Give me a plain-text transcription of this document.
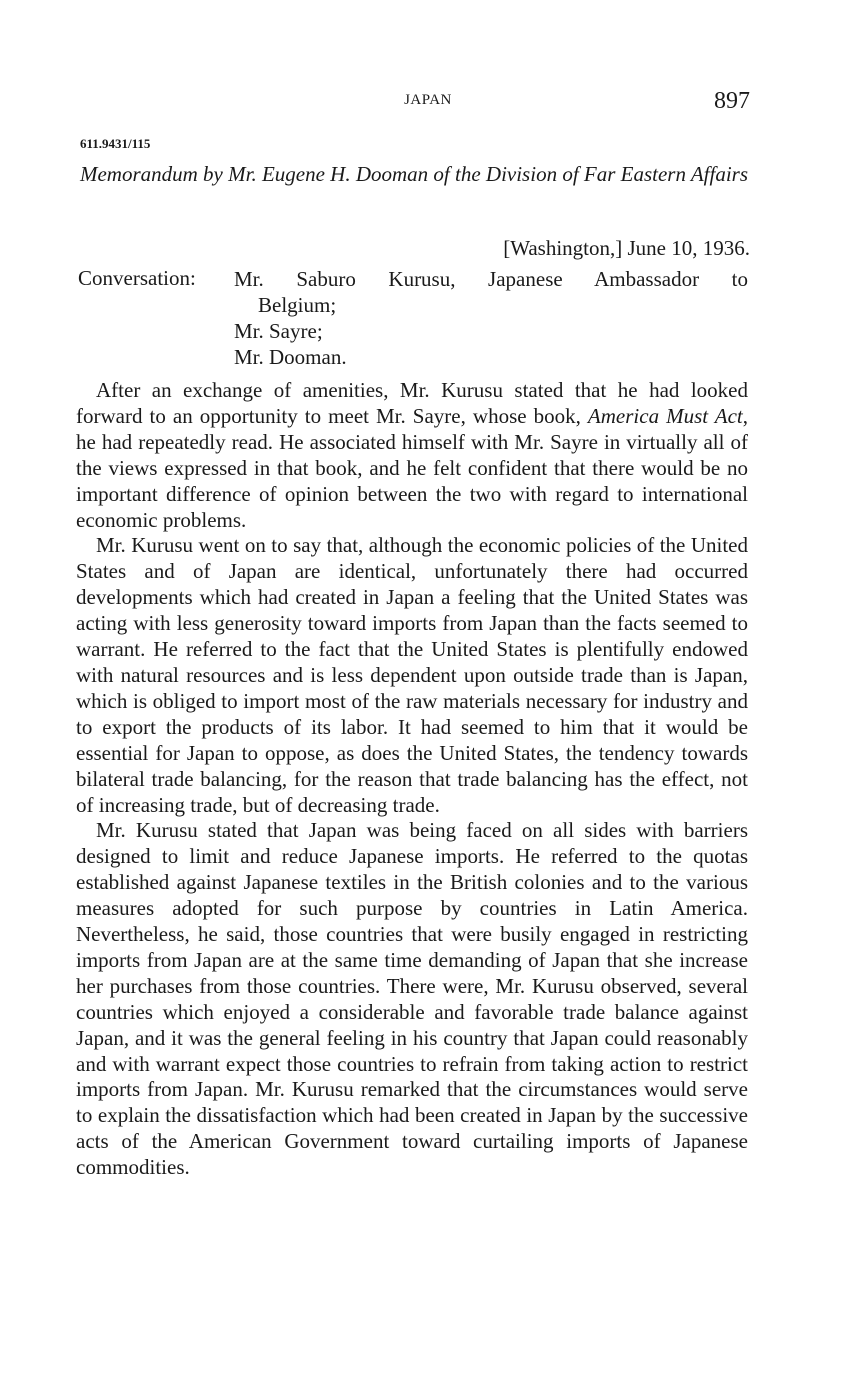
JAPAN	897
611.9431/115
Memorandum by Mr. Eugene H. Dooman of the Division of Far Eastern Affairs
[Washington,] June 10, 1936.
Conversation: Mr. Saburo Kurusu, Japanese Ambassador to
Belgium;
Mr. Sayre;
Mr. Dooman.

After an exchange of amenities, Mr. Kurusu stated that he had looked forward to an opportunity to meet Mr. Sayre, whose book, America Must Act, he had repeatedly read. He associated himself with Mr. Sayre in virtually all of the views expressed in that book, and he felt confident that there would be no important difference of opinion between the two with regard to international economic problems.

Mr. Kurusu went on to say that, although the economic policies of the United States and of Japan are identical, unfortunately there had occurred developments which had created in Japan a feeling that the United States was acting with less generosity toward imports from Japan than the facts seemed to warrant. He referred to the fact that the United States is plentifully endowed with natural resources and is less dependent upon outside trade than is Japan, which is obliged to import most of the raw materials necessary for industry and to export the products of its labor. It had seemed to him that it would be essential for Japan to oppose, as does the United States, the tendency towards bilateral trade balancing, for the reason that trade balancing has the effect, not of increasing trade, but of decreasing trade.

Mr. Kurusu stated that Japan was being faced on all sides with barriers designed to limit and reduce Japanese imports. He referred to the quotas established against Japanese textiles in the British colonies and to the various measures adopted for such purpose by countries in Latin America. Nevertheless, he said, those countries that were busily engaged in restricting imports from Japan are at the same time demanding of Japan that she increase her purchases from those countries. There were, Mr. Kurusu observed, several countries which enjoyed a considerable and favorable trade balance against Japan, and it was the general feeling in his country that Japan could reasonably and with warrant expect those countries to refrain from taking action to restrict imports from Japan. Mr. Kurusu remarked that the circumstances would serve to explain the dissatisfaction which had been created in Japan by the successive acts of the American Government toward curtailing imports of Japanese commodities.
